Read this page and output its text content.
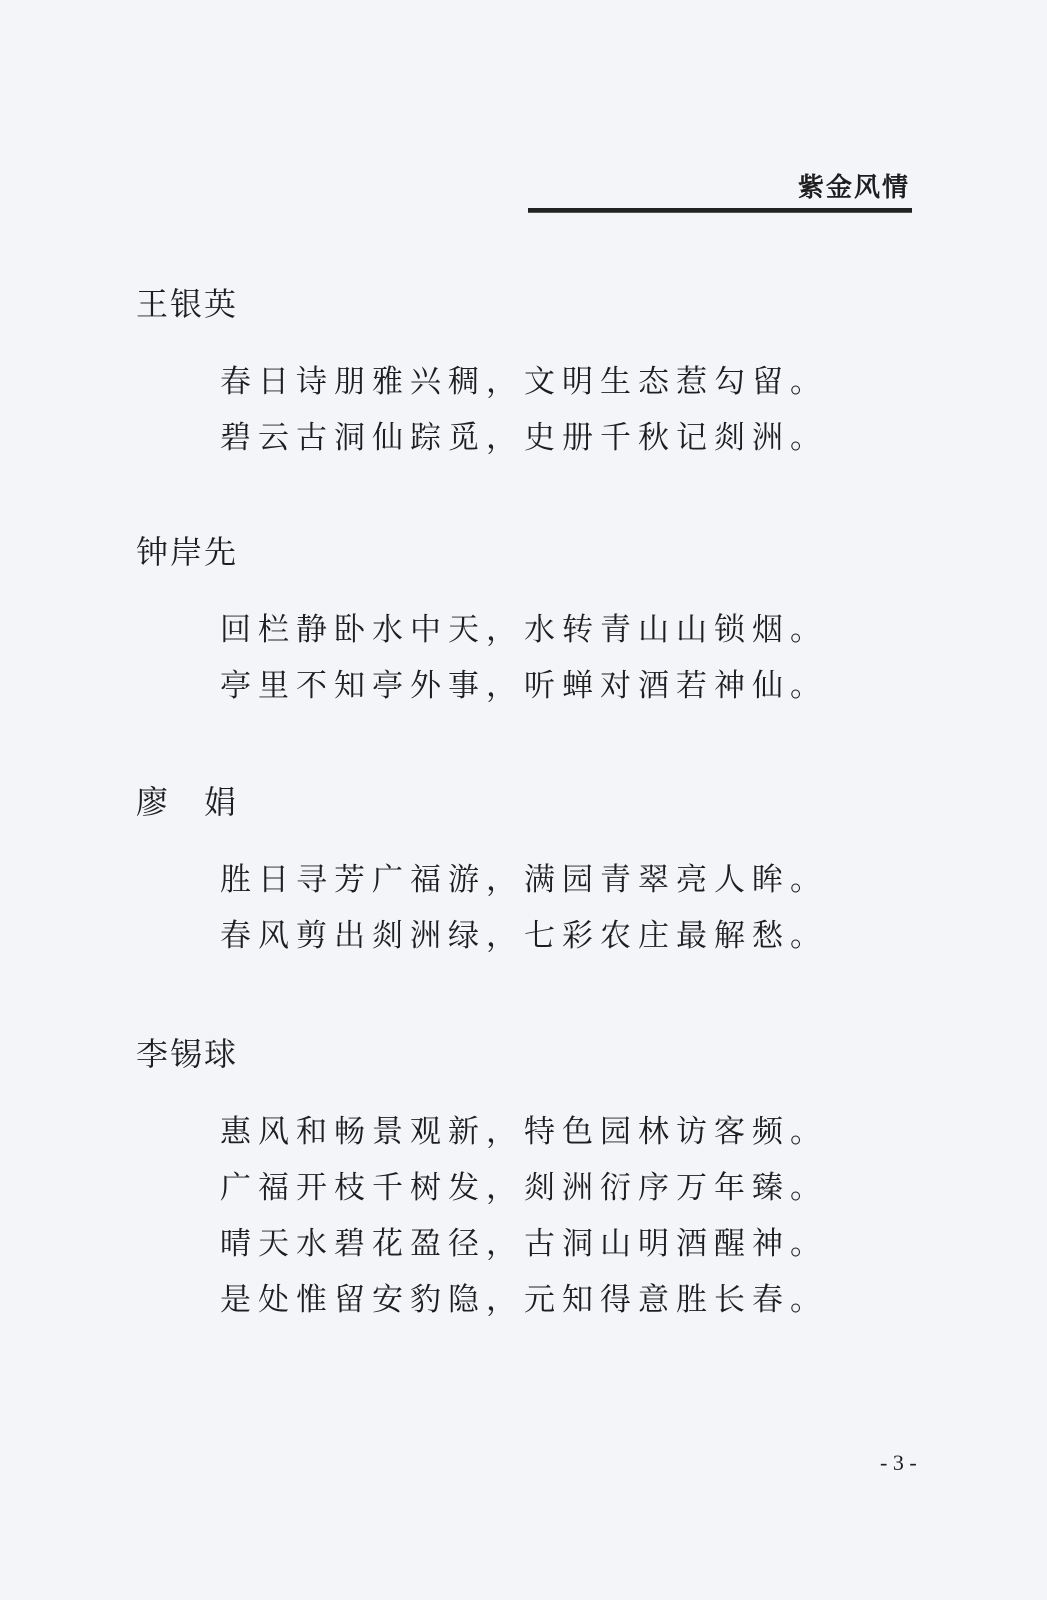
紫金风情
王银英
春日诗朋雅兴稠，文明生态惹勾留。
碧云古洞仙踪觅，史册千秋记剡洲。
钟岸先
回栏静卧水中天，水转青山山锁烟。
亭里不知亭外事，听蝉对酒若神仙。
廖　娟
胜日寻芳广福游，满园青翠亮人眸。
春风剪出剡洲绿，七彩农庄最解愁。
李锡球
惠风和畅景观新，特色园林访客频。
广福开枝千树发，剡洲衍序万年臻。
晴天水碧花盈径，古洞山明酒醒神。
是处惟留安豹隐，元知得意胜长春。
- 3 -
